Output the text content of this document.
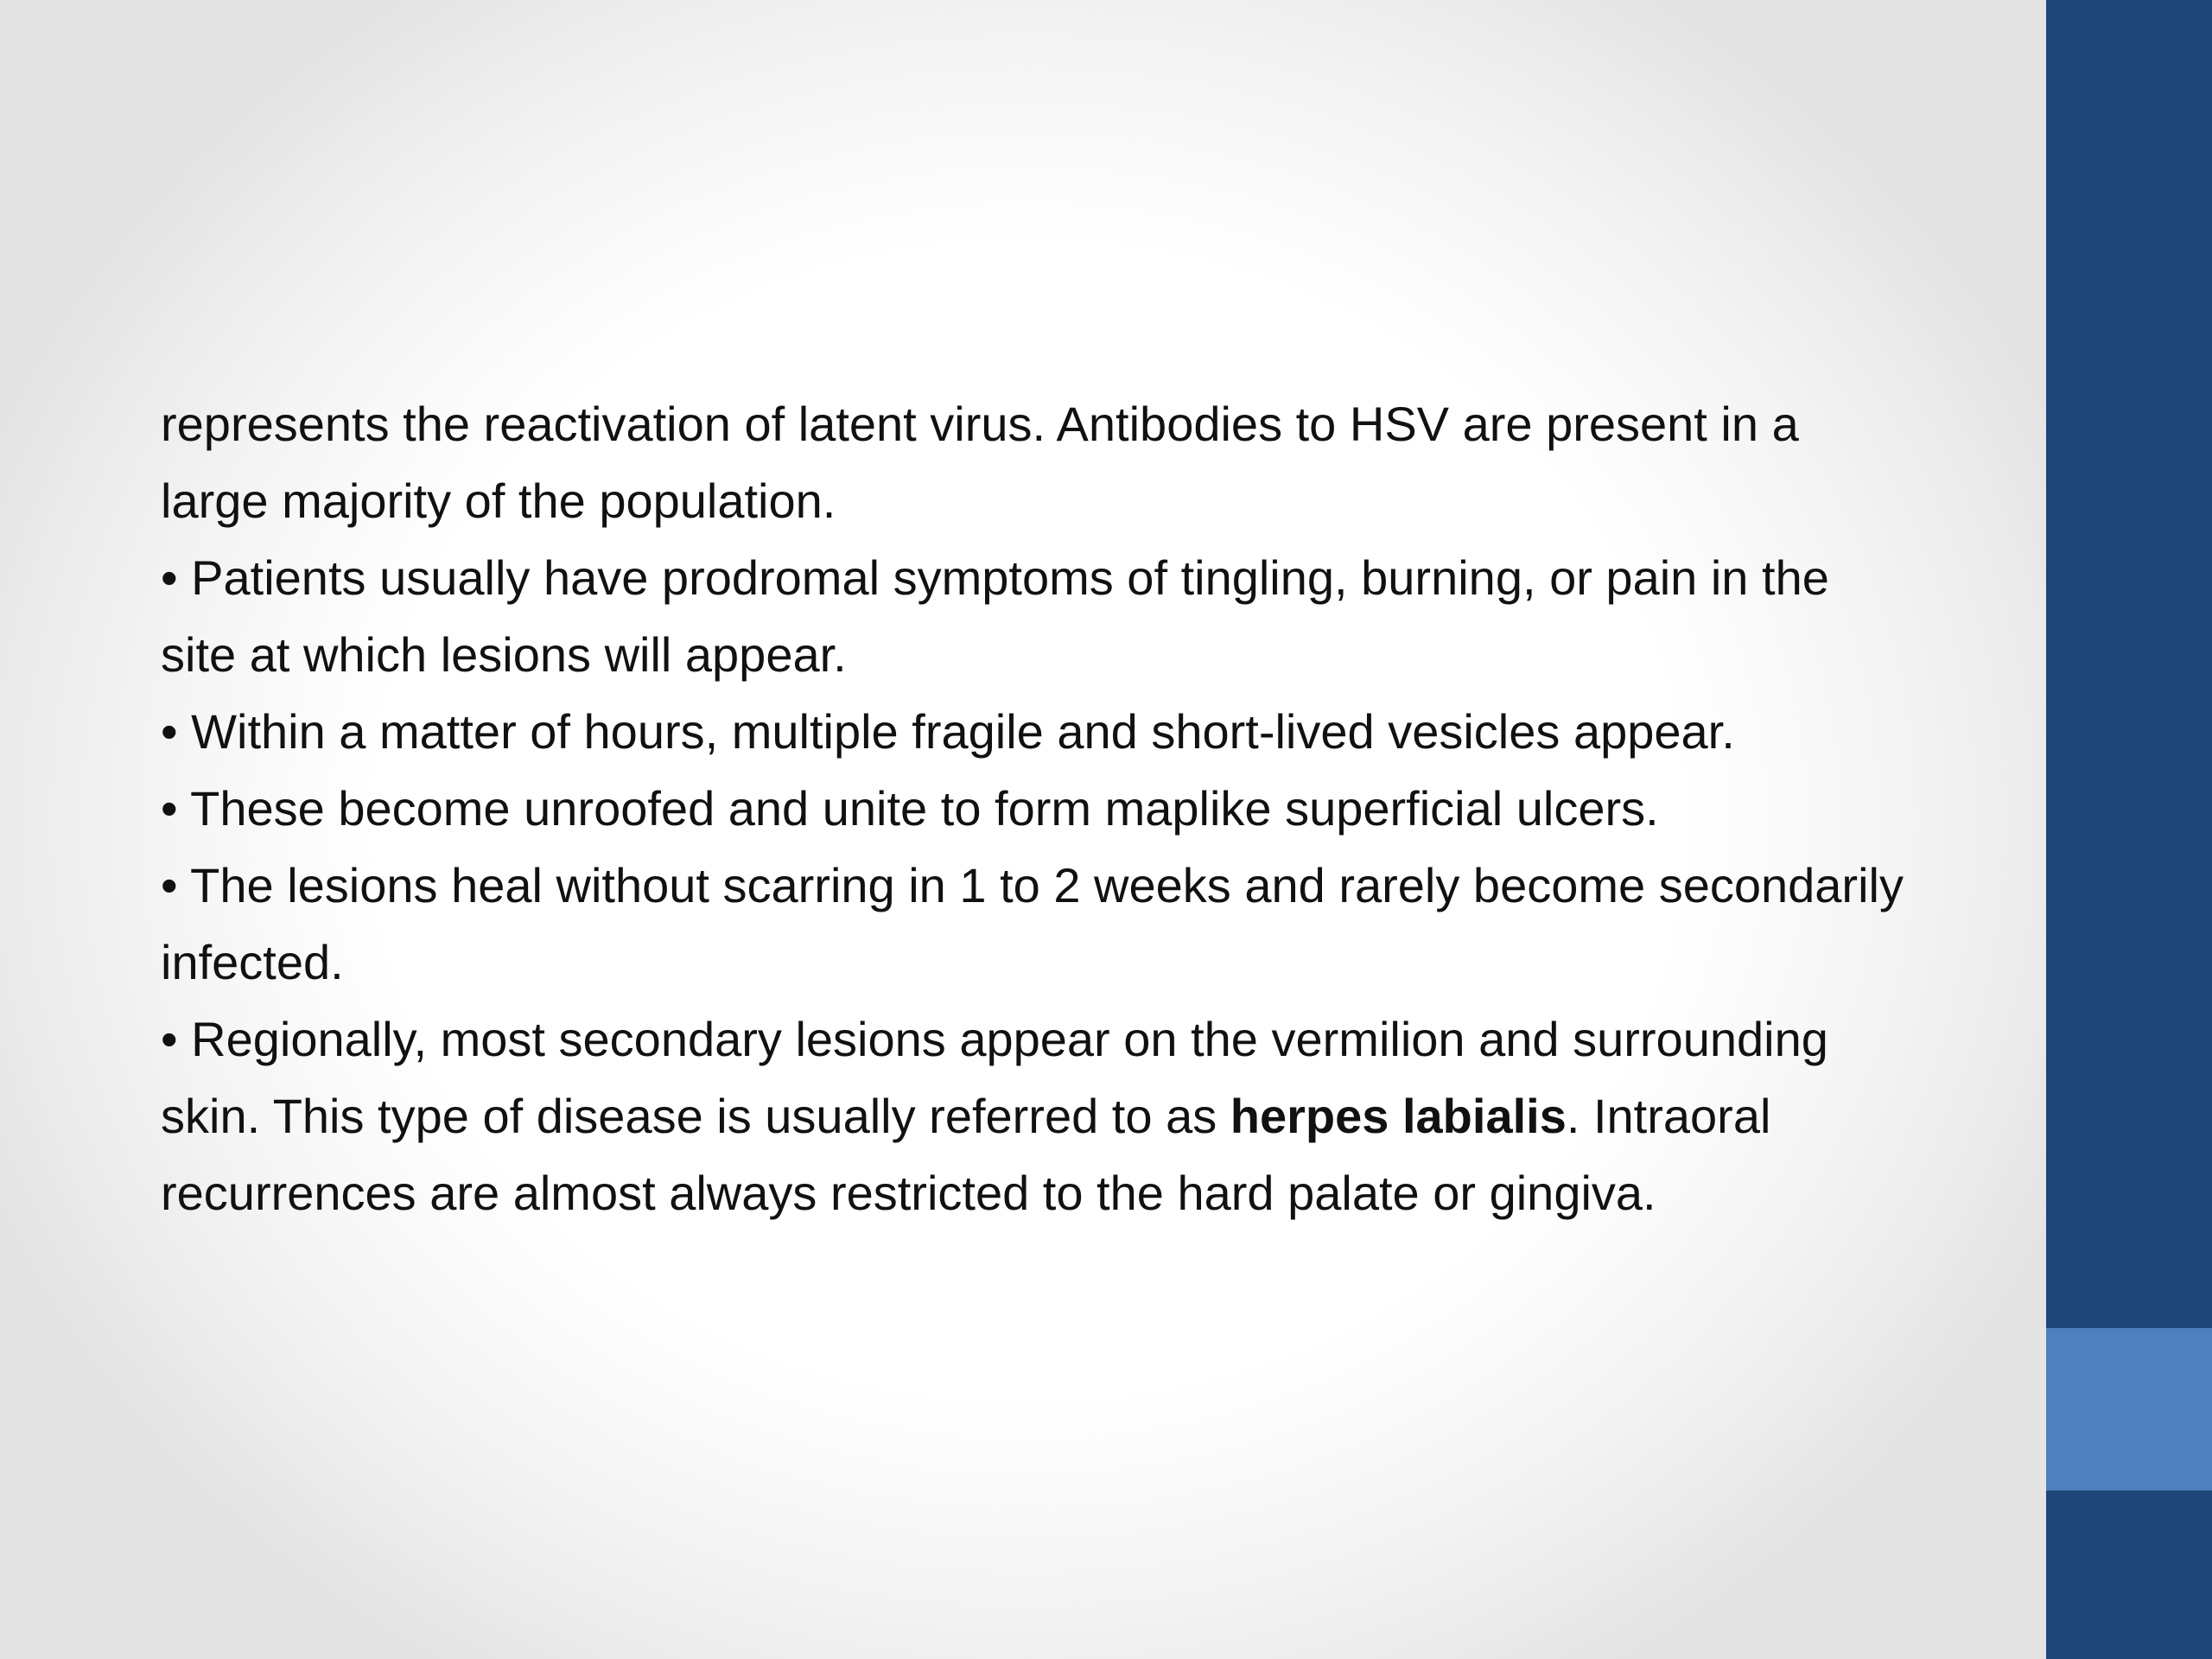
represents the reactivation of latent virus. Antibodies to HSV are present in a

large majority of the population.

• Patients usually have prodromal symptoms of tingling, burning, or pain in the

site at which lesions will appear.

• Within a matter of hours, multiple fragile and short-lived vesicles appear.

• These become unroofed and unite to form maplike superficial ulcers.

• The lesions heal without scarring in 1 to 2 weeks and rarely become secondarily

infected.

• Regionally, most secondary lesions appear on the vermilion and surrounding

skin. This type of disease is usually referred to as herpes labialis. Intraoral

recurrences are almost always restricted to the hard palate or gingiva.
